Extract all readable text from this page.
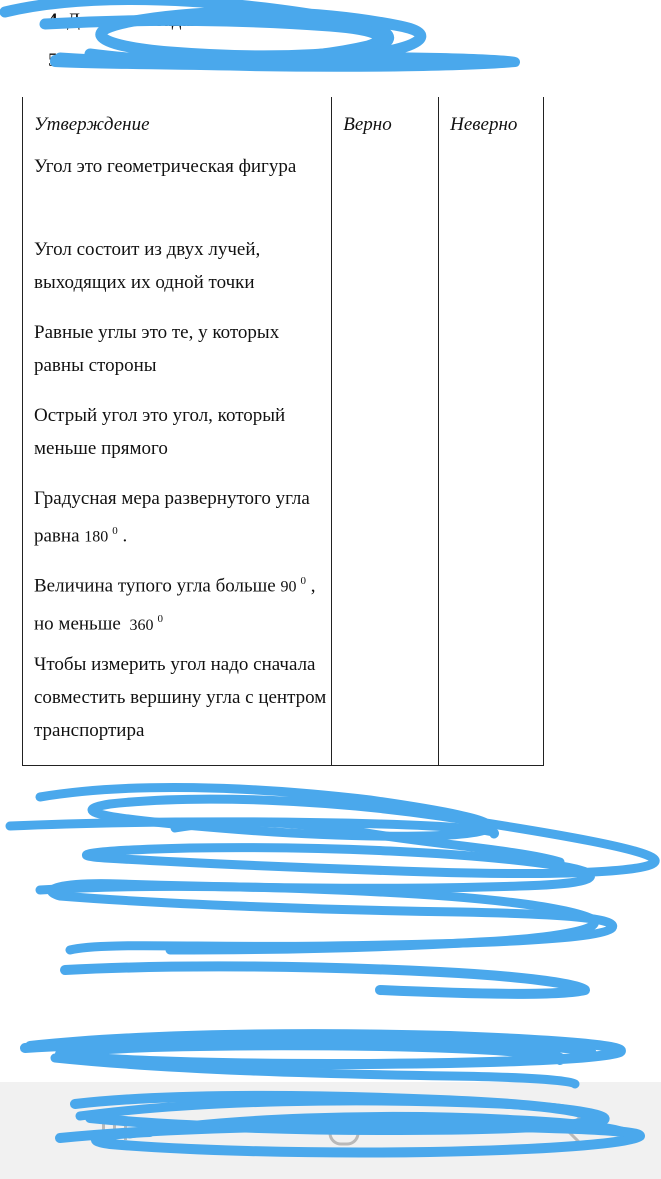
4. Домашнее задание №1219
5. Заполните таблицу в тетради
Утверждение	Верно	Неверно
Угол это геометрическая фигура		
Угол состоит из двух лучей, выходящих их одной точки		
Равные углы это те, у которых равны стороны		
Острый угол это угол, который меньше прямого		
Градусная мера развернутого угла равна 180 $^0$ .		
Величина тупого угла больше 90 $^0$ , но меньше 360 $^0$		
Чтобы измерить угол надо сначала совместить вершину угла с центром транспортира		
